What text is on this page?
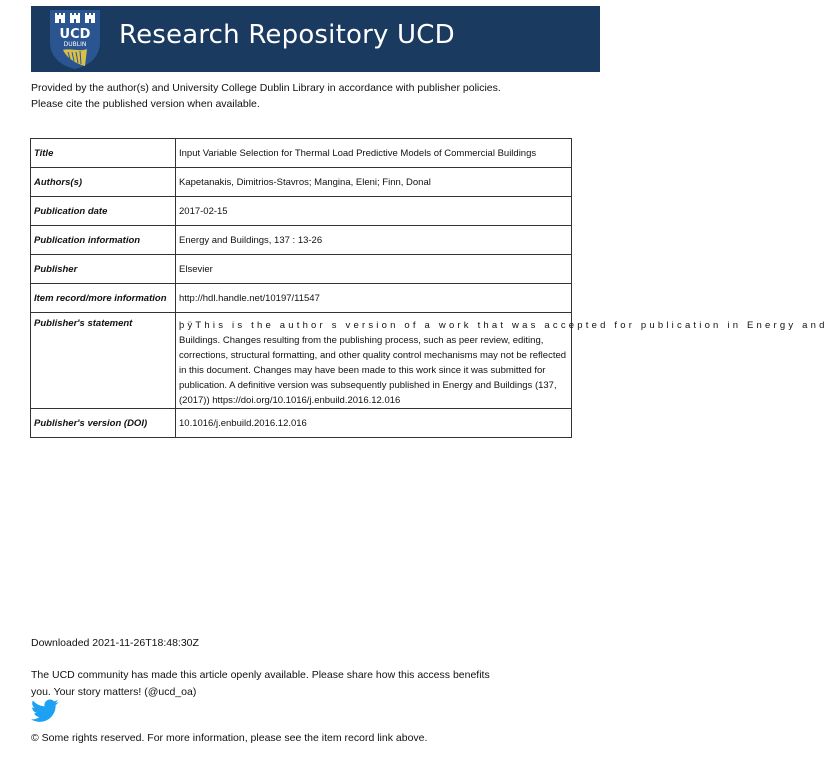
UCD
DUBLIN Research Repository UCD
Provided by the author(s) and University College Dublin Library in accordance with publisher policies. Please cite the published version when available.
Title	Input Variable Selection for Thermal Load Predictive Models of Commercial Buildings
Authors(s)	Kapetanakis, Dimitrios-Stavros; Mangina, Eleni; Finn, Donal
Publication date	2017-02-15
Publication information	Energy and Buildings, 137 : 13-26
Publisher	Elsevier
Item record/more information	http://hdl.handle.net/10197/11547
Publisher's statement	þÿThis is the author s version of a work that was accepted for publication in Energy and
Buildings. Changes resulting from the publishing process, such as peer review, editing, corrections, structural formatting, and other quality control mechanisms may not be reflected in this document. Changes may have been made to this work since it was submitted for publication. A definitive version was subsequently published in Energy and Buildings (137, (2017)) https://doi.org/10.1016/j.enbuild.2016.12.016
Publisher's version (DOI)	10.1016/j.enbuild.2016.12.016
Downloaded 2021-11-26T18:48:30Z
The UCD community has made this article openly available. Please share how this access benefits you. Your story matters! (@ucd_oa)
© Some rights reserved. For more information, please see the item record link above.
